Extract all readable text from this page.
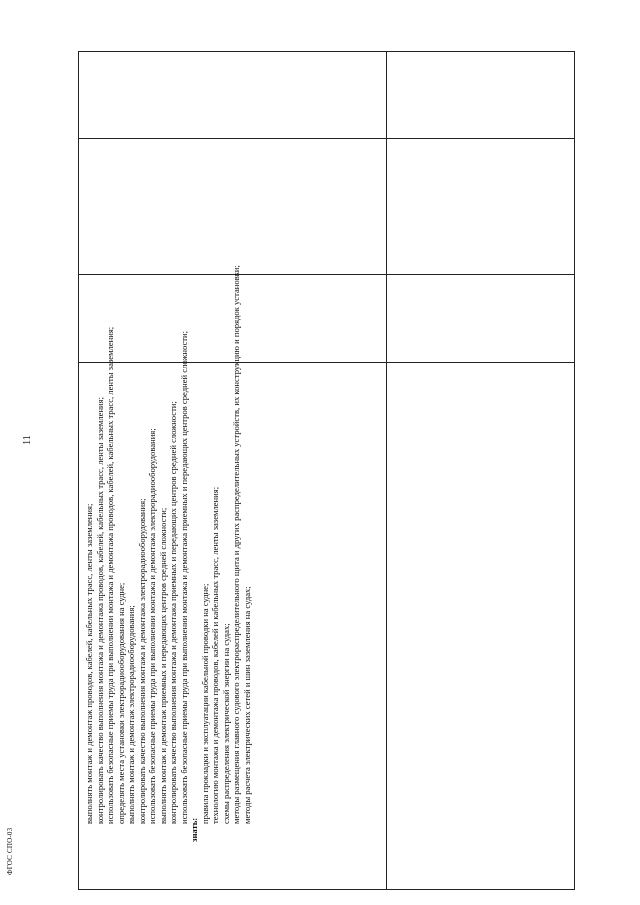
11

выполнять монтаж и демонтаж проводов, кабелей, кабельных трасс, ленты заземления; контролировать качество выполнения монтажа и демонтажа проводов, кабелей, кабельных трасс, ленты заземления; использовать безопасные приемы труда при выполнении монтажа и демонтажа проводов, кабелей, кабельных трасс, ленты заземления; определять места установки электрорадиооборудования на судне; выполнять монтаж и демонтаж электрорадиооборудования; контролировать качество выполнения монтажа и демонтажа электрорадиооборудования; использовать безопасные приемы труда при выполнении монтажа и демонтажа электрорадиооборудования; выполнять монтаж и демонтаж приемных и передающих центров средней сложности; контролировать качество выполнения монтажа и демонтажа приемных и передающих центров средней сложности; использовать безопасные приемы труда при выполнении монтажа и демонтажа приемных и передающих центров средней сложности;

знать:

правила прокладки и эксплуатации кабельной проводки на судне; технологию монтажа и демонтажа проводов, кабелей и кабельных трасс, ленты заземления; схемы распределения электрической энергии на судах; методы размещения главного судового электрораспределительного щита и других распределительных устройств, их конструкцию и порядок установки; методы расчета электрических сетей и шин заземления на судах;

ФГОС СПО-03
